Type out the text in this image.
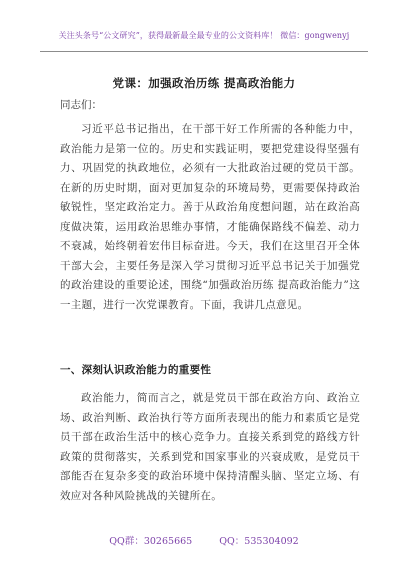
关注头条号“公文研究”，获得最新最全最专业的公文资料库！ 微信：gongwenyj
党课：加强政治历练 提高政治能力
同志们：

习近平总书记指出，在干部干好工作所需的各种能力中，政治能力是第一位的。历史和实践证明，要把党建设得坚强有力、巩固党的执政地位，必须有一大批政治过硬的党员干部。在新的历史时期，面对更加复杂的环境局势，更需要保持政治敏锐性，坚定政治定力。善于从政治角度想问题，站在政治高度做决策，运用政治思维办事情，才能确保路线不偏差、动力不衰减，始终朝着宏伟目标奋进。今天，我们在这里召开全体干部大会，主要任务是深入学习贯彻习近平总书记关于加强党的政治建设的重要论述，围绕“加强政治历练 提高政治能力”这一主题，进行一次党课教育。下面，我讲几点意见。

一、深刻认识政治能力的重要性

政治能力，简而言之，就是党员干部在政治方向、政治立场、政治判断、政治执行等方面所表现出的能力和素质它是党员干部在政治生活中的核心竞争力。直接关系到党的路线方针政策的贯彻落实，关系到党和国家事业的兴衰成败，是党员干部能否在复杂多变的政治环境中保持清醒头脑、坚定立场、有效应对各种风险挑战的关键所在。

QQ群：30265665	QQ：535304092
